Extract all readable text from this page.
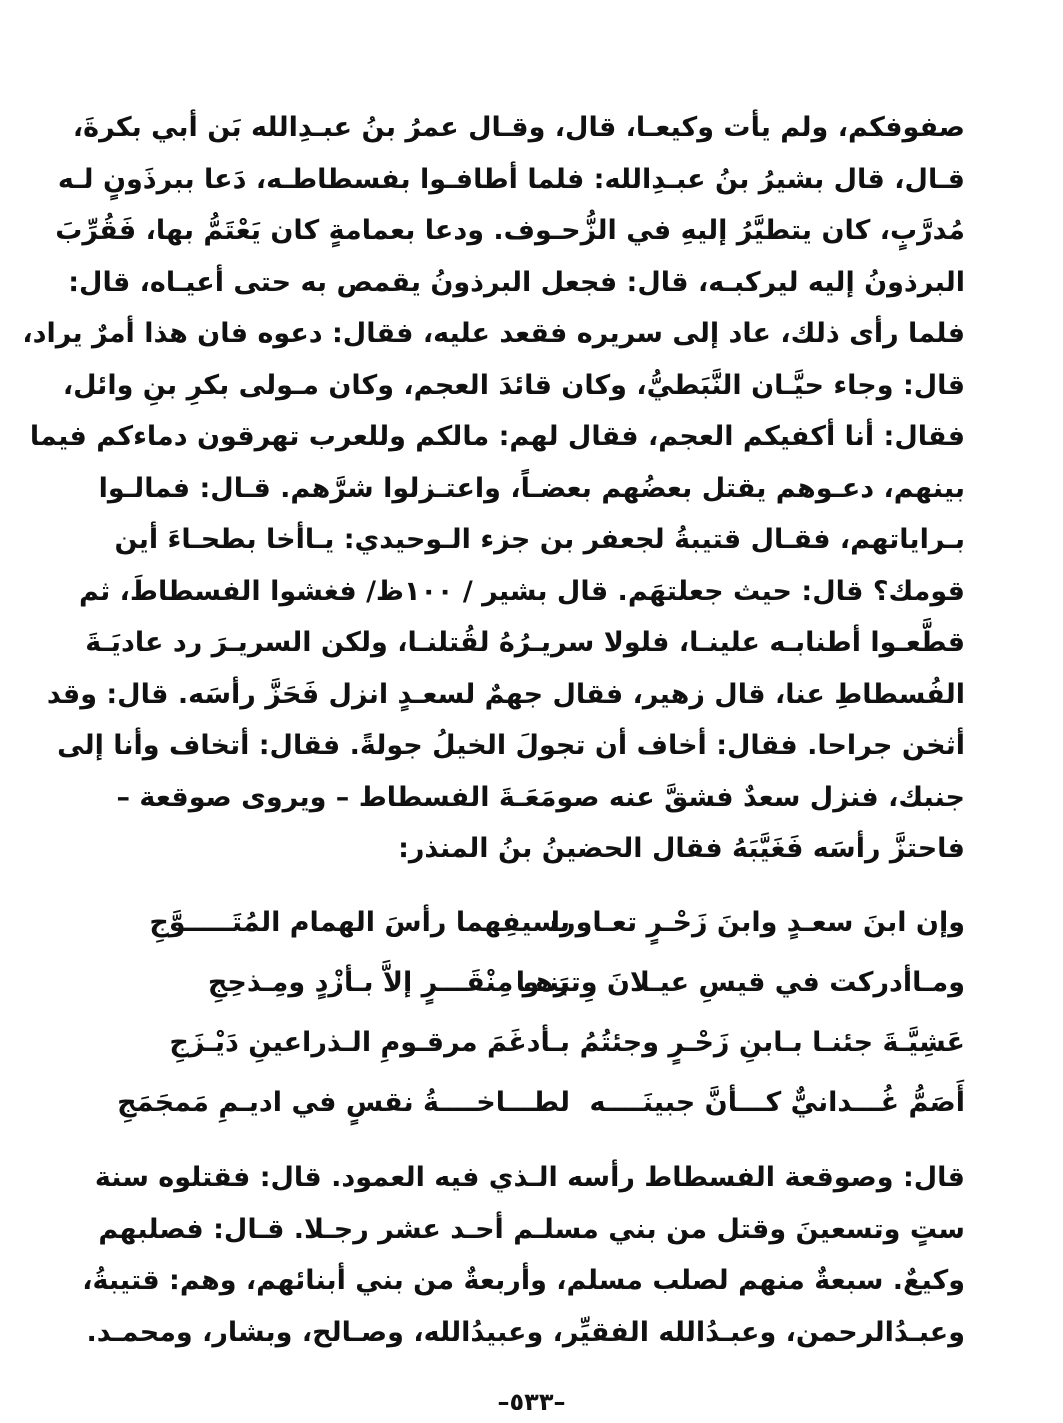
صفوفكم، ولم يأت وكيعـا، قال، وقـال عمرُ بنُ عبـدِالله بَن أبي بكرةَ،
قـال، قال بشيرُ بنُ عبـدِالله: فلما أطافـوا بفسطاطـه، دَعا ببرذَونٍ لـه
مُدرَّبٍ، كان يتطيَّرُ إليهِ في الزُّحـوف. ودعا بعمامةٍ كان يَعْتَمُّ بها، فَقُرِّبَ
البرذونُ إليه ليركبـه، قال: فجعل البرذونُ يقمص به حتى أعيـاه، قال:
فلما رأى ذلك، عاد إلى سريره فقعد عليه، فقال: دعوه فان هذا أمرٌ يراد،
قال: وجاء حيَّـان النَّبَطيُّ، وكان قائدَ العجم، وكان مـولى بكرِ بنِ وائل،
فقال: أنا أكفيكم العجم، فقال لهم: مالكم وللعرب تهرقون دماءكم فيما
بينهم، دعـوهم يقتل بعضُهم بعضـاً، واعتـزلوا شرَّهم. قـال: فمالـوا
بـراياتهم، فقـال قتيبةُ لجعفر بن جزء الـوحيدي: يـاأخا بطحـاءَ أين
قومك؟ قال: حيث جعلتهَم. قال بشير / ١٠٠ظ/ فغشوا الفسطاطَ، ثم
قطَّعـوا أطنابـه علينـا، فلولا سريـرُهُ لقُتلنـا، ولكن السريـرَ رد عاديَـةَ
الفُسطاطِ عنا، قال زهير، فقال جهمٌ لسعـدٍ انزل فَحَزَّ رأسَه. قال: وقد
أثخن جراحا. فقال: أخاف أن تجولَ الخيلُ جولةً. فقال: أتخاف وأنا إلى
جنبك، فنزل سعدٌ فشقَّ عنه صومَعَـةَ الفسطاط – ويروى صوقعة –
فاحتزَّ رأسَه فَغَيَّبَهُ فقال الحضينُ بنُ المنذر:
وإن ابنَ سعـدٍ وابنَ زَحْـرٍ تعـاورا
بسيفِهما رأسَ الهمام المُتَـــــوَّجِ
ومـاأدركت في قيسِ عيـلانَ وِترَهـا
بنـو مِنْقَـــرٍ إلاَّ بـأزْدٍ ومِـذحِجِ
عَشِيَّـةَ جئنـا بـابنِ زَحْـرٍ وجئتُمُ
بـأدغَمَ مرقـومِ الـذراعينِ دَيْـزَجِ
أَصَمُّ غُـــدانيٌّ كـــأنَّ جبينَــــه
لطـــاخــــةُ نقسٍ في اديـمِ مَمجَمَجِ
قال: وصوقعة الفسطاط رأسه الـذي فيه العمود. قال: فقتلوه سنة
ستٍ وتسعينَ وقتل من بني مسلـم أحـد عشر رجـلا. قـال: فصلبهم
وكيعٌ. سبعةٌ منهم لصلب مسلم، وأربعةٌ من بني أبنائهم، وهم: قتيبةُ،
وعبـدُالرحمن، وعبـدُالله الفقيِّر، وعبيدُالله، وصـالح، وبشار، ومحمـد.
–٥٣٣–
